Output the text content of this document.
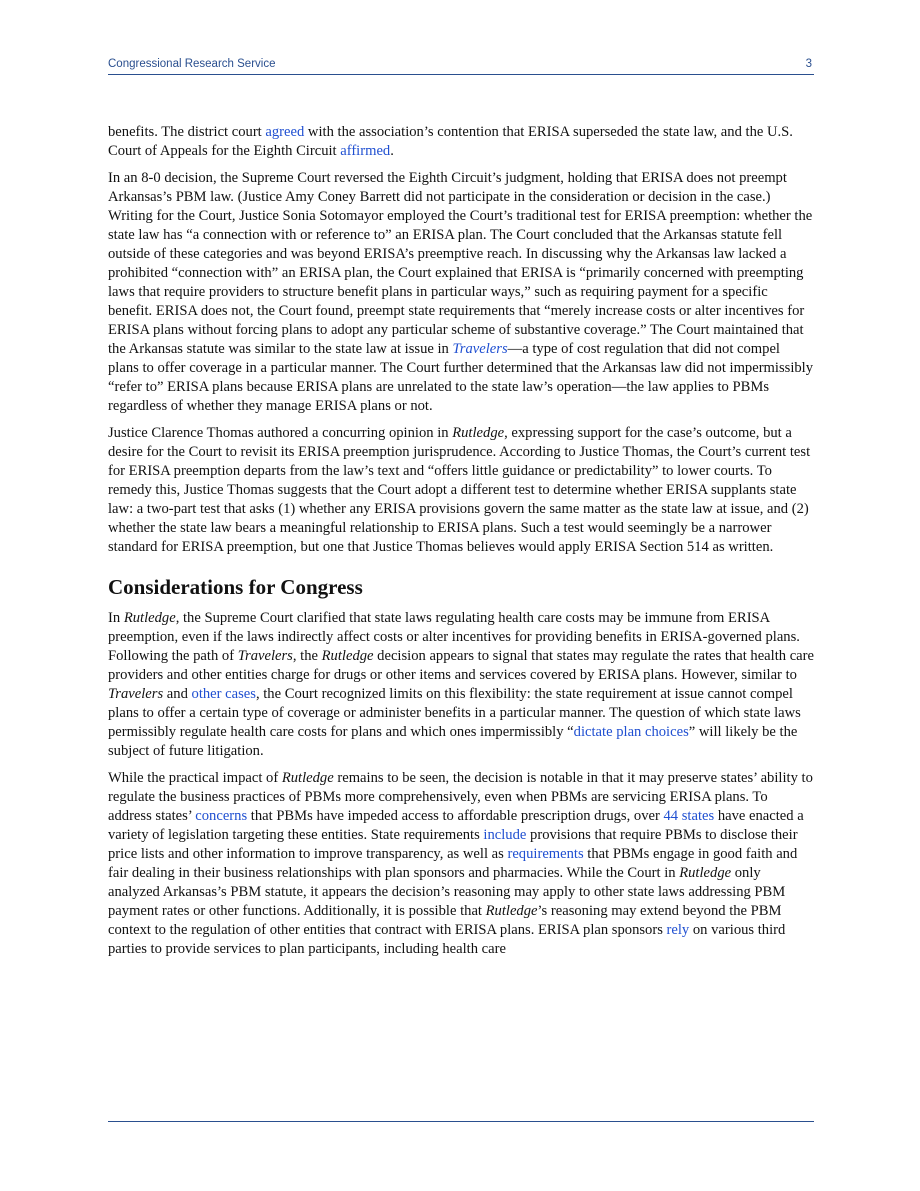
Congressional Research Service	3

benefits. The district court agreed with the association’s contention that ERISA superseded the state law, and the U.S. Court of Appeals for the Eighth Circuit affirmed.

In an 8-0 decision, the Supreme Court reversed the Eighth Circuit’s judgment, holding that ERISA does not preempt Arkansas’s PBM law. (Justice Amy Coney Barrett did not participate in the consideration or decision in the case.) Writing for the Court, Justice Sonia Sotomayor employed the Court’s traditional test for ERISA preemption: whether the state law has “a connection with or reference to” an ERISA plan. The Court concluded that the Arkansas statute fell outside of these categories and was beyond ERISA’s preemptive reach. In discussing why the Arkansas law lacked a prohibited “connection with” an ERISA plan, the Court explained that ERISA is “primarily concerned with preempting laws that require providers to structure benefit plans in particular ways,” such as requiring payment for a specific benefit. ERISA does not, the Court found, preempt state requirements that “merely increase costs or alter incentives for ERISA plans without forcing plans to adopt any particular scheme of substantive coverage.” The Court maintained that the Arkansas statute was similar to the state law at issue in Travelers—a type of cost regulation that did not compel plans to offer coverage in a particular manner. The Court further determined that the Arkansas law did not impermissibly “refer to” ERISA plans because ERISA plans are unrelated to the state law’s operation—the law applies to PBMs regardless of whether they manage ERISA plans or not.

Justice Clarence Thomas authored a concurring opinion in Rutledge, expressing support for the case’s outcome, but a desire for the Court to revisit its ERISA preemption jurisprudence. According to Justice Thomas, the Court’s current test for ERISA preemption departs from the law’s text and “offers little guidance or predictability” to lower courts. To remedy this, Justice Thomas suggests that the Court adopt a different test to determine whether ERISA supplants state law: a two-part test that asks (1) whether any ERISA provisions govern the same matter as the state law at issue, and (2) whether the state law bears a meaningful relationship to ERISA plans. Such a test would seemingly be a narrower standard for ERISA preemption, but one that Justice Thomas believes would apply ERISA Section 514 as written.

Considerations for Congress

In Rutledge, the Supreme Court clarified that state laws regulating health care costs may be immune from ERISA preemption, even if the laws indirectly affect costs or alter incentives for providing benefits in ERISA-governed plans. Following the path of Travelers, the Rutledge decision appears to signal that states may regulate the rates that health care providers and other entities charge for drugs or other items and services covered by ERISA plans. However, similar to Travelers and other cases, the Court recognized limits on this flexibility: the state requirement at issue cannot compel plans to offer a certain type of coverage or administer benefits in a particular manner. The question of which state laws permissibly regulate health care costs for plans and which ones impermissibly “dictate plan choices” will likely be the subject of future litigation.

While the practical impact of Rutledge remains to be seen, the decision is notable in that it may preserve states’ ability to regulate the business practices of PBMs more comprehensively, even when PBMs are servicing ERISA plans. To address states’ concerns that PBMs have impeded access to affordable prescription drugs, over 44 states have enacted a variety of legislation targeting these entities. State requirements include provisions that require PBMs to disclose their price lists and other information to improve transparency, as well as requirements that PBMs engage in good faith and fair dealing in their business relationships with plan sponsors and pharmacies. While the Court in Rutledge only analyzed Arkansas’s PBM statute, it appears the decision’s reasoning may apply to other state laws addressing PBM payment rates or other functions. Additionally, it is possible that Rutledge’s reasoning may extend beyond the PBM context to the regulation of other entities that contract with ERISA plans. ERISA plan sponsors rely on various third parties to provide services to plan participants, including health care
